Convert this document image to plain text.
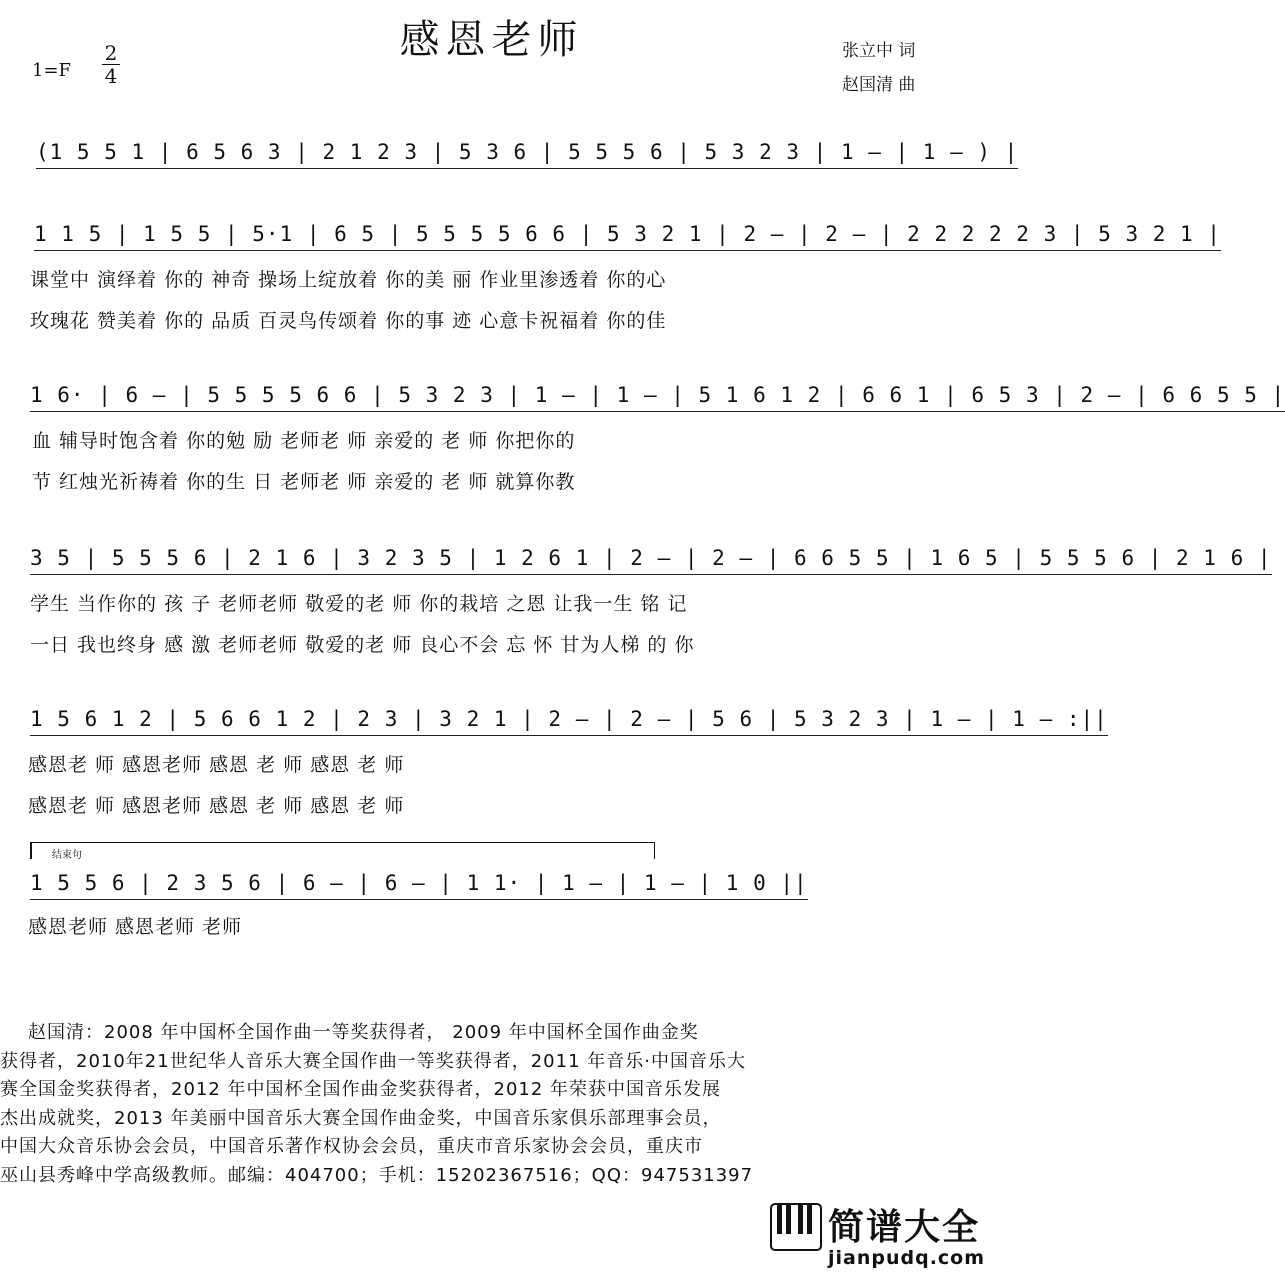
感恩老师	张立中 词
赵国清 曲
1=F
2
4
(1 5 5 1 | 6 5 6 3 | 2 1 2 3 | 5 3 6 | 5 5 5 6 | 5 3 2 3 | 1 — | 1 — ) |
1 1 5 | 1 5 5 | 5·1 | 6 5 | 5 5 5 5 6 6 | 5 3 2 1 | 2 — | 2 — | 2 2 2 2 2 3 | 5 3 2 1 |
课堂中 演绎着 你的 神奇 操场上绽放着 你的美 丽 作业里渗透着 你的心
玫瑰花 赞美着 你的 品质 百灵鸟传颂着 你的事 迹 心意卡祝福着 你的佳
1 6· | 6 — | 5 5 5 5 6 6 | 5 3 2 3 | 1 — | 1 — | 5 1 6 1 2 | 6 6 1 | 6 5 3 | 2 — | 6 6 5 5 |
血 辅导时饱含着 你的勉 励 老师老 师 亲爱的 老 师 你把你的
节 红烛光祈祷着 你的生 日 老师老 师 亲爱的 老 师 就算你教
3 5 | 5 5 5 6 | 2 1 6 | 3 2 3 5 | 1 2 6 1 | 2 — | 2 — | 6 6 5 5 | 1 6 5 | 5 5 5 6 | 2 1 6 |
学生 当作你的 孩 子 老师老师 敬爱的老 师 你的栽培 之恩 让我一生 铭 记
一日 我也终身 感 激 老师老师 敬爱的老 师 良心不会 忘 怀 甘为人梯 的 你
1 5 6 1 2 | 5 6 6 1 2 | 2 3 | 3 2 1 | 2 — | 2 — | 5 6 | 5 3 2 3 | 1 — | 1 — :||
感恩老 师 感恩老师 感恩 老 师 感恩 老 师
感恩老 师 感恩老师 感恩 老 师 感恩 老 师
结束句
1 5 5 6 | 2 3 5 6 | 6 — | 6 — | 1 1· | 1 — | 1 — | 1 0 ||
感恩老师 感恩老师 老师

赵国清：2008 年中国杯全国作曲一等奖获得者， 2009 年中国杯全国作曲金奖

获得者，2010年21世纪华人音乐大赛全国作曲一等奖获得者，2011 年音乐·中国音乐大

赛全国金奖获得者，2012 年中国杯全国作曲金奖获得者，2012 年荣获中国音乐发展

杰出成就奖，2013 年美丽中国音乐大赛全国作曲金奖，中国音乐家俱乐部理事会员，

中国大众音乐协会会员，中国音乐著作权协会会员，重庆市音乐家协会会员，重庆市

巫山县秀峰中学高级教师。邮编：404700；手机：15202367516；QQ：947531397

简谱大全
jianpudq.com
